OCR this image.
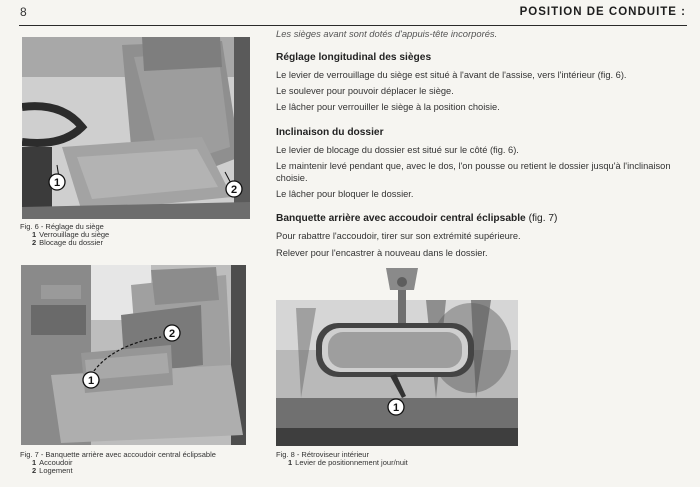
8	POSITION DE CONDUITE :
1
2
Fig. 6 - Réglage du siège
1 Verrouillage du siège
2 Blocage du dossier
1
2
Fig. 7 - Banquette arrière avec accoudoir central éclipsable
1 Accoudoir
2 Logement
1
Fig. 8 - Rétroviseur intérieur
1 Levier de positionnement jour/nuit

Les sièges avant sont dotés d'appuis-tête incorporés.

Réglage longitudinal des sièges

Le levier de verrouillage du siège est situé à l'avant de l'assise, vers l'intérieur (fig. 6).

Le soulever pour pouvoir déplacer le siège.

Le lâcher pour verrouiller le siège à la position choisie.

Inclinaison du dossier

Le levier de blocage du dossier est situé sur le côté (fig. 6).

Le maintenir levé pendant que, avec le dos, l'on pousse ou retient le dossier jusqu'à l'inclinaison choisie.

Le lâcher pour bloquer le dossier.

Banquette arrière avec accoudoir central éclipsable (fig. 7)

Pour rabattre l'accoudoir, tirer sur son extrémité supérieure.

Relever pour l'encastrer à nouveau dans le dossier.
